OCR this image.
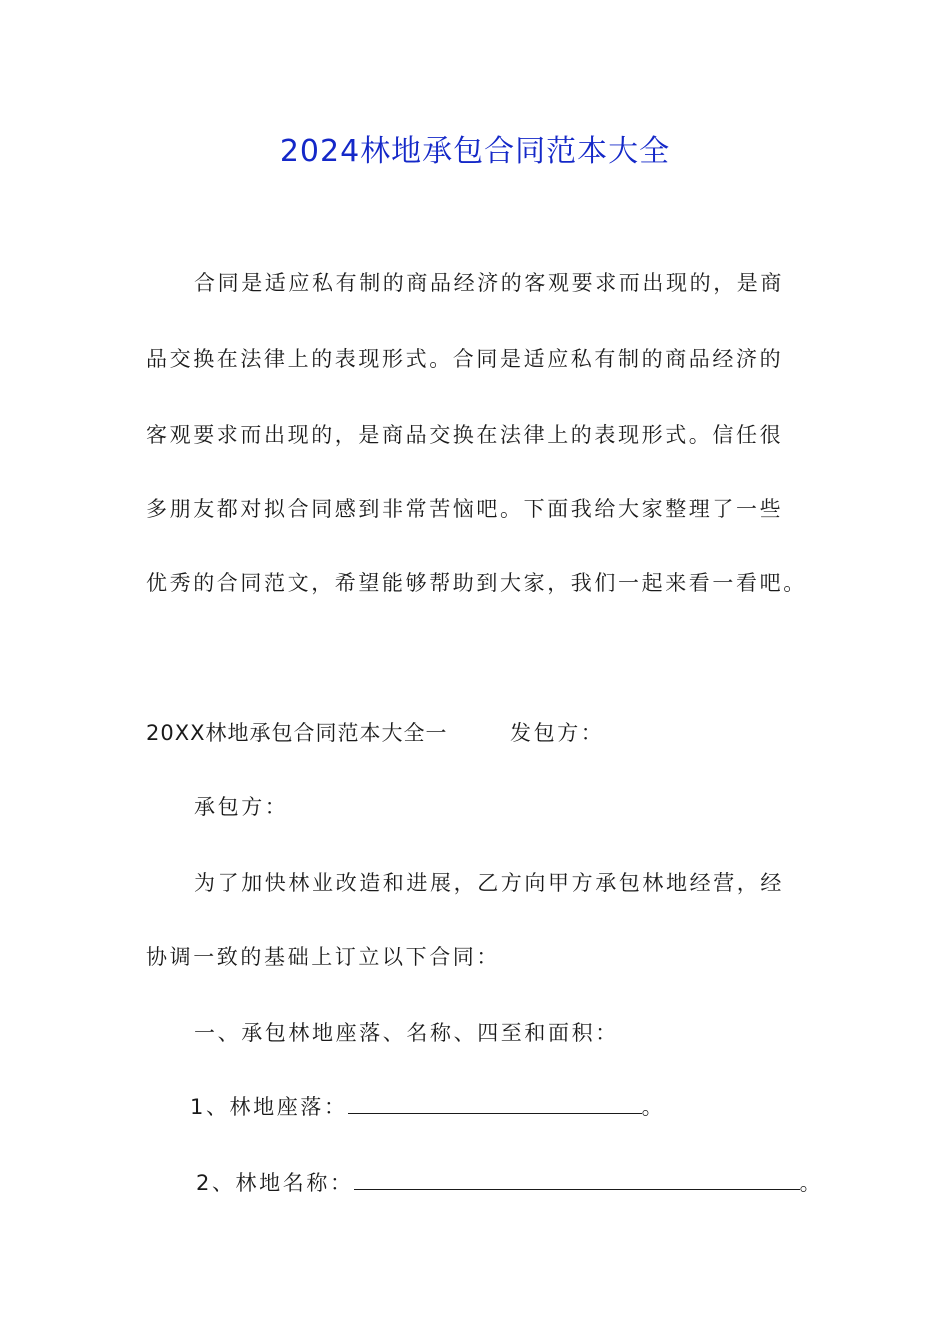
2024林地承包合同范本大全
合同是适应私有制的商品经济的客观要求而出现的，是商
品交换在法律上的表现形式。合同是适应私有制的商品经济的
客观要求而出现的，是商品交换在法律上的表现形式。信任很
多朋友都对拟合同感到非常苦恼吧。下面我给大家整理了一些
优秀的合同范文，希望能够帮助到大家，我们一起来看一看吧。
20XX林地承包合同范本大全一	发包方：
承包方：
为了加快林业改造和进展，乙方向甲方承包林地经营，经
协调一致的基础上订立以下合同：
一、承包林地座落、名称、四至和面积：
1、林地座落：	。
2、林地名称：	。
